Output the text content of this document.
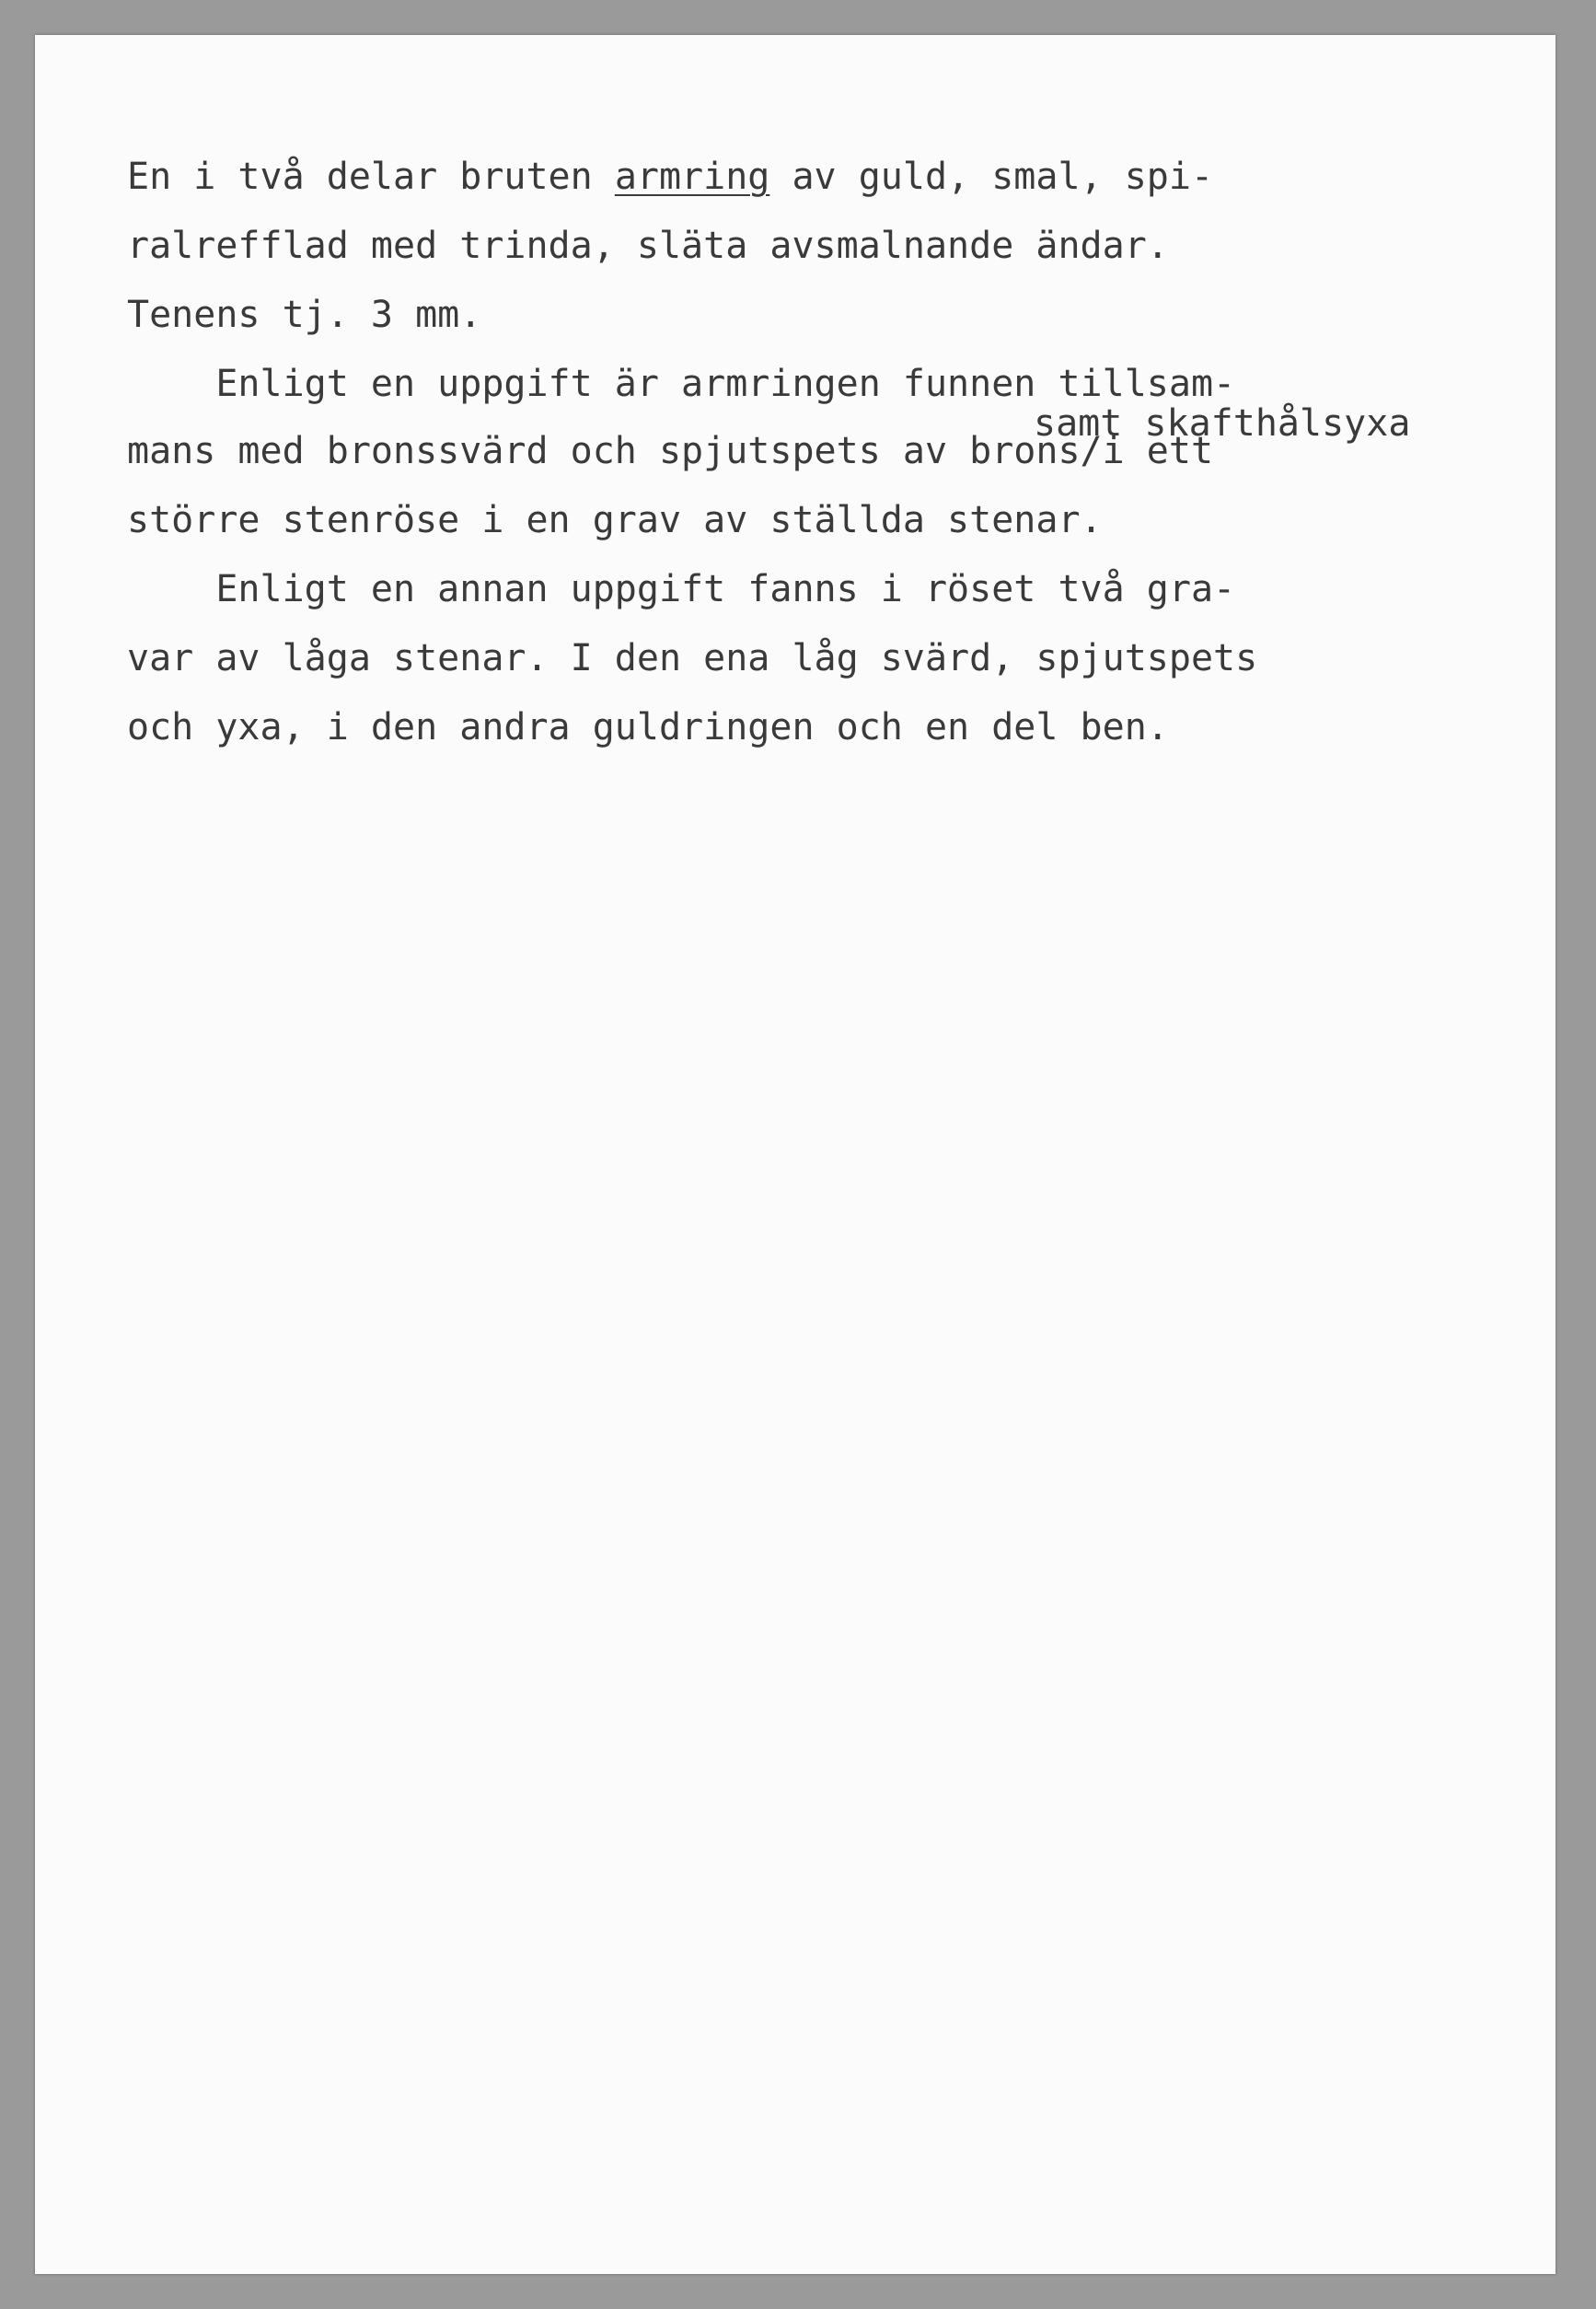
En i två delar bruten armring av guld, smal, spi-

ralrefflad med trinda, släta avsmalnande ändar.

Tenens tj. 3 mm.

Enligt en uppgift är armringen funnen tillsam-

samt skafthålsyxa

mans med bronssvärd och spjutspets av brons/i ett

större stenröse i en grav av ställda stenar.

Enligt en annan uppgift fanns i röset två gra-

var av låga stenar. I den ena låg svärd, spjutspets

och yxa, i den andra guldringen och en del ben.
